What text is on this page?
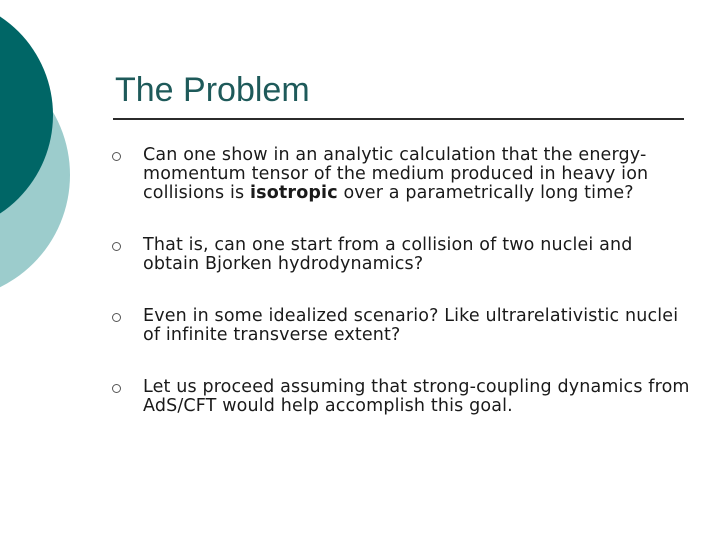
The Problem
Can one show in an analytic calculation that the energy-momentum tensor of the medium produced in heavy ion collisions is isotropic over a parametrically long time?
That is, can one start from a collision of two nuclei and obtain Bjorken hydrodynamics?
Even in some idealized scenario? Like ultrarelativistic nuclei of infinite transverse extent?
Let us proceed assuming that strong-coupling dynamics from AdS/CFT would help accomplish this goal.
